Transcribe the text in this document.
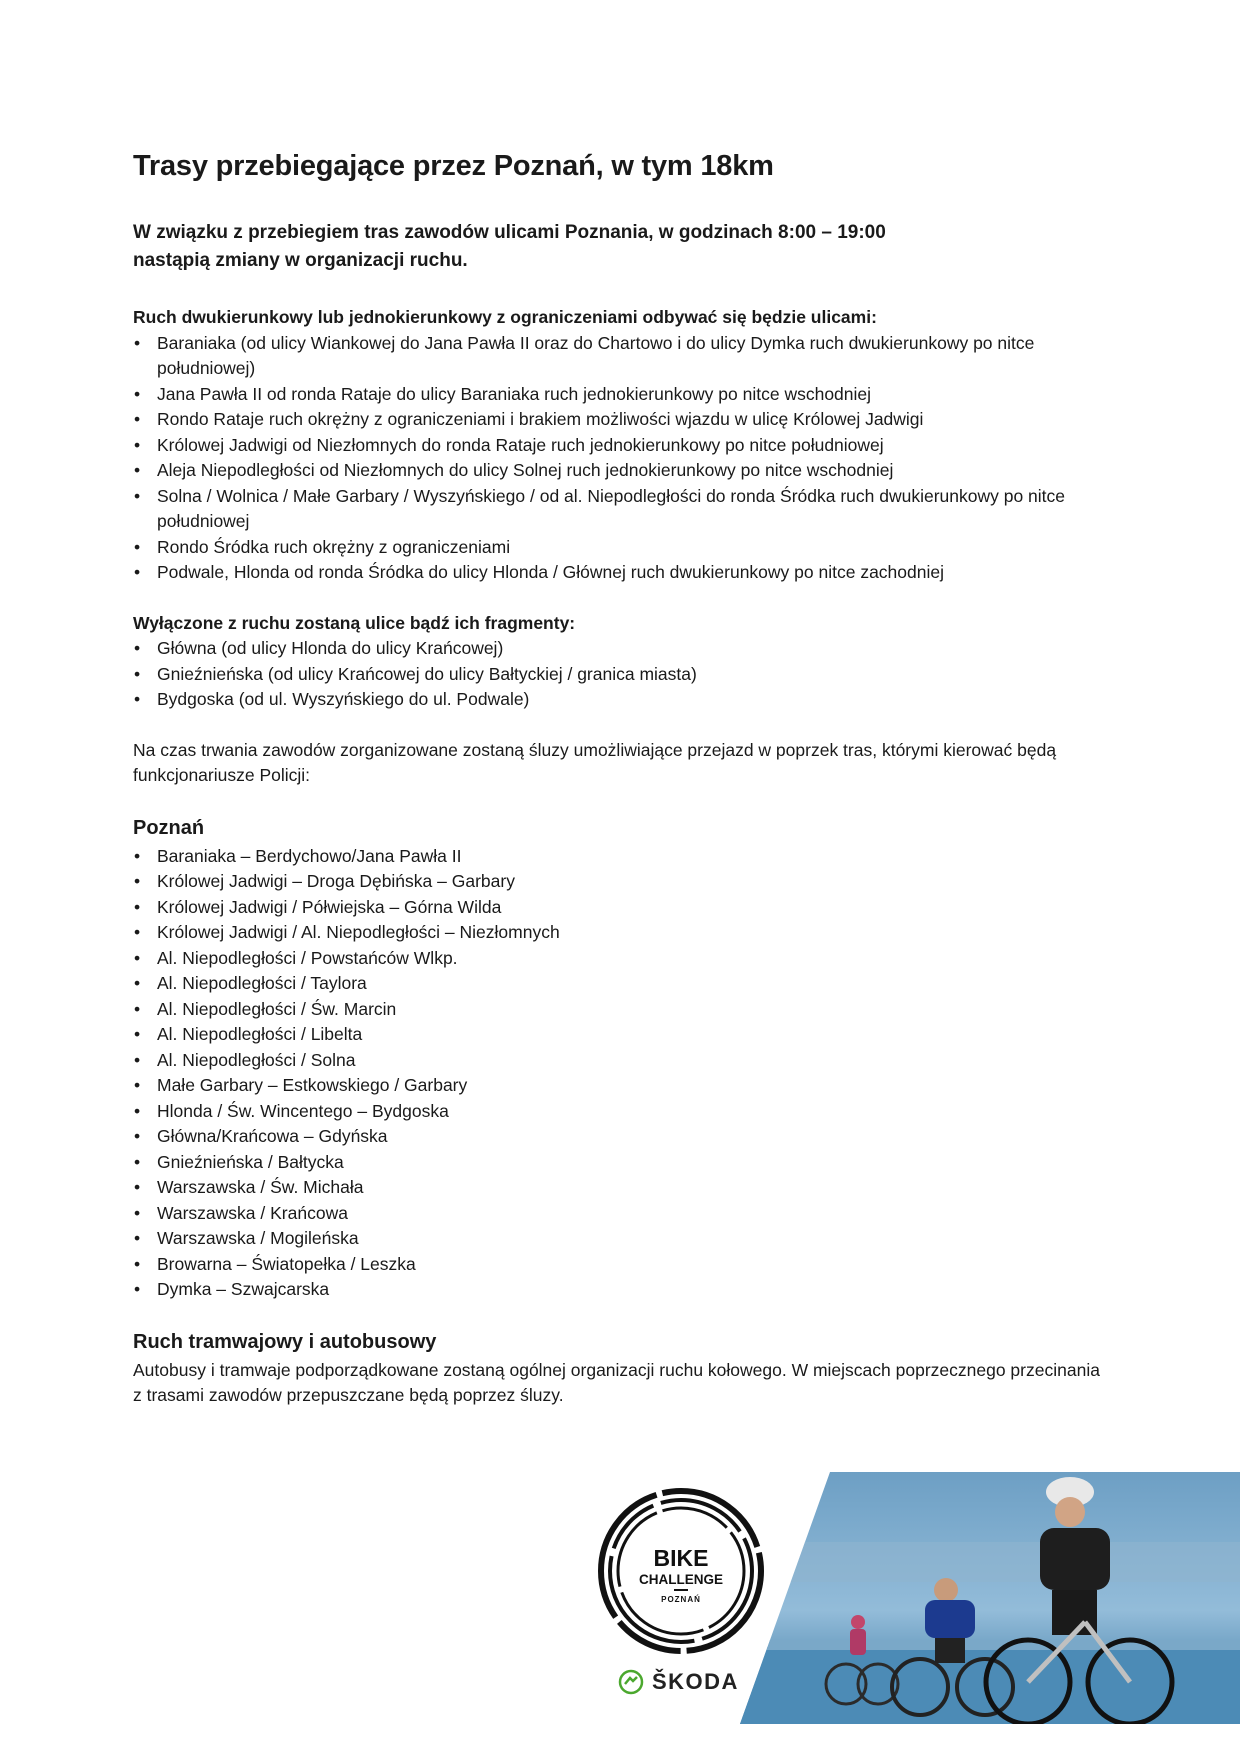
Trasy przebiegające przez Poznań, w tym 18km
W związku z przebiegiem tras zawodów ulicami Poznania, w godzinach 8:00 – 19:00
nastąpią zmiany w organizacji ruchu.

Ruch dwukierunkowy lub jednokierunkowy z ograniczeniami odbywać się będzie ulicami:

• Baraniaka (od ulicy Wiankowej do Jana Pawła II oraz do Chartowo i do ulicy Dymka ruch dwukierunkowy po nitce południowej)
• Jana Pawła II od ronda Rataje do ulicy Baraniaka ruch jednokierunkowy po nitce wschodniej
• Rondo Rataje ruch okrężny z ograniczeniami i brakiem możliwości wjazdu w ulicę Królowej Jadwigi
• Królowej Jadwigi od Niezłomnych do ronda Rataje ruch jednokierunkowy po nitce południowej
• Aleja Niepodległości od Niezłomnych do ulicy Solnej ruch jednokierunkowy po nitce wschodniej
• Solna / Wolnica / Małe Garbary / Wyszyńskiego / od al. Niepodległości do ronda Śródka ruch dwukierunkowy po nitce południowej
• Rondo Śródka ruch okrężny z ograniczeniami
• Podwale, Hlonda od ronda Śródka do ulicy Hlonda / Głównej ruch dwukierunkowy po nitce zachodniej

Wyłączone z ruchu zostaną ulice bądź ich fragmenty:

• Główna (od ulicy Hlonda do ulicy Krańcowej)
• Gnieźnieńska (od ulicy Krańcowej do ulicy Bałtyckiej / granica miasta)
• Bydgoska (od ul. Wyszyńskiego do ul. Podwale)

Na czas trwania zawodów zorganizowane zostaną śluzy umożliwiające przejazd w poprzek tras, którymi kierować będą funkcjonariusze Policji:

Poznań

• Baraniaka – Berdychowo/Jana Pawła II
• Królowej Jadwigi – Droga Dębińska – Garbary
• Królowej Jadwigi / Półwiejska – Górna Wilda
• Królowej Jadwigi / Al. Niepodległości – Niezłomnych
• Al. Niepodległości / Powstańców Wlkp.
• Al. Niepodległości / Taylora
• Al. Niepodległości / Św. Marcin
• Al. Niepodległości / Libelta
• Al. Niepodległości / Solna
• Małe Garbary – Estkowskiego / Garbary
• Hlonda / Św. Wincentego – Bydgoska
• Główna/Krańcowa – Gdyńska
• Gnieźnieńska / Bałtycka
• Warszawska / Św. Michała
• Warszawska / Krańcowa
• Warszawska / Mogileńska
• Browarna – Światopełka / Leszka
• Dymka – Szwajcarska

Ruch tramwajowy i autobusowy

Autobusy i tramwaje podporządkowane zostaną ogólnej organizacji ruchu kołowego. W miejscach poprzecznego przecinania z trasami zawodów przepuszczane będą poprzez śluzy.

BIKE
CHALLENGE
POZNAŃ
ŠKODA
